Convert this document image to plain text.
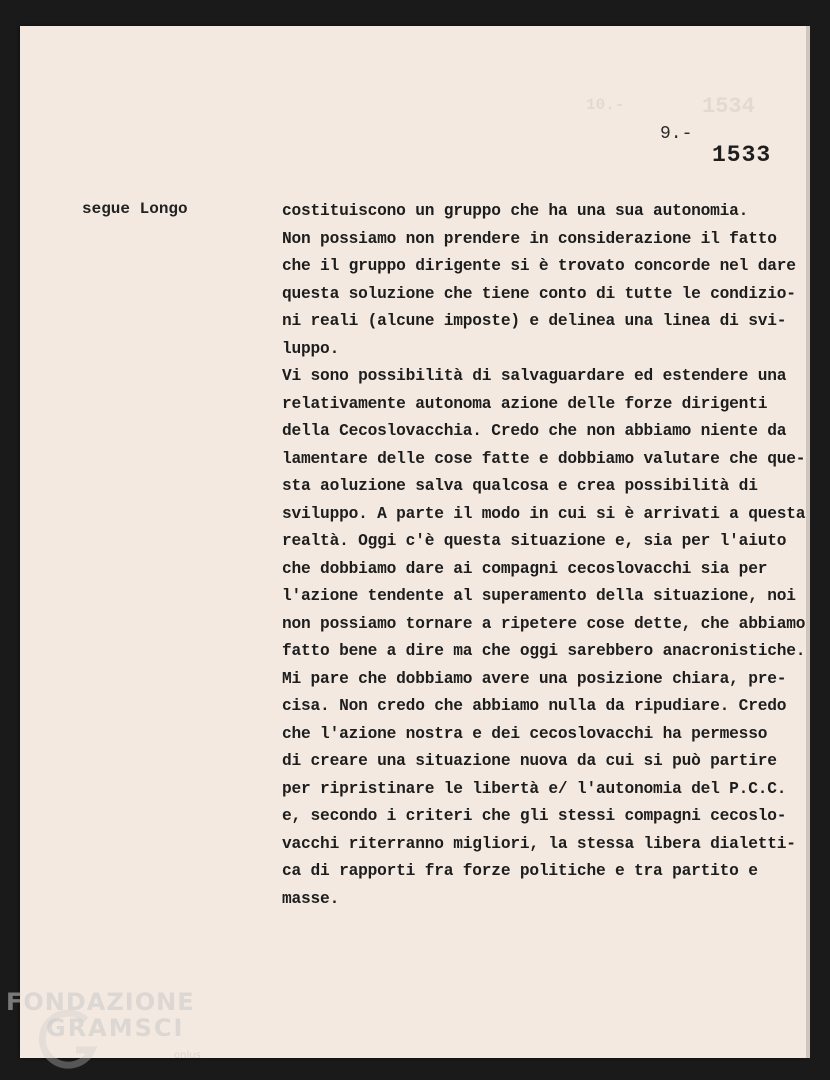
10.-	1534
9.-
1533
segue Longo	costituiscono un gruppo che ha una sua autonomia.
Non possiamo non prendere in considerazione il fatto
che il gruppo dirigente si è trovato concorde nel dare
questa soluzione che tiene conto di tutte le condizio-
ni reali (alcune imposte) e delinea una linea di svi-
luppo.
Vi sono possibilità di salvaguardare ed estendere una
relativamente autonoma azione delle forze dirigenti
della Cecoslovacchia. Credo che non abbiamo niente da
lamentare delle cose fatte e dobbiamo valutare che que-
sta aoluzione salva qualcosa e crea possibilità di
sviluppo. A parte il modo in cui si è arrivati a questa
realtà. Oggi c'è questa situazione e, sia per l'aiuto
che dobbiamo dare ai compagni cecoslovacchi sia per
l'azione tendente al superamento della situazione, noi
non possiamo tornare a ripetere cose dette, che abbiamo
fatto bene a dire ma che oggi sarebbero anacronistiche.
Mi pare che dobbiamo avere una posizione chiara, pre-
cisa. Non credo che abbiamo nulla da ripudiare. Credo
che l'azione nostra e dei cecoslovacchi ha permesso
di creare una situazione nuova da cui si può partire
per ripristinare le libertà e/ l'autonomia del P.C.C.
e, secondo i criteri che gli stessi compagni cecoslo-
vacchi riterranno migliori, la stessa libera dialetti-
ca di rapporti fra forze politiche e tra partito e
masse.
FONDAZIONE
GRAMSCI
onlus
